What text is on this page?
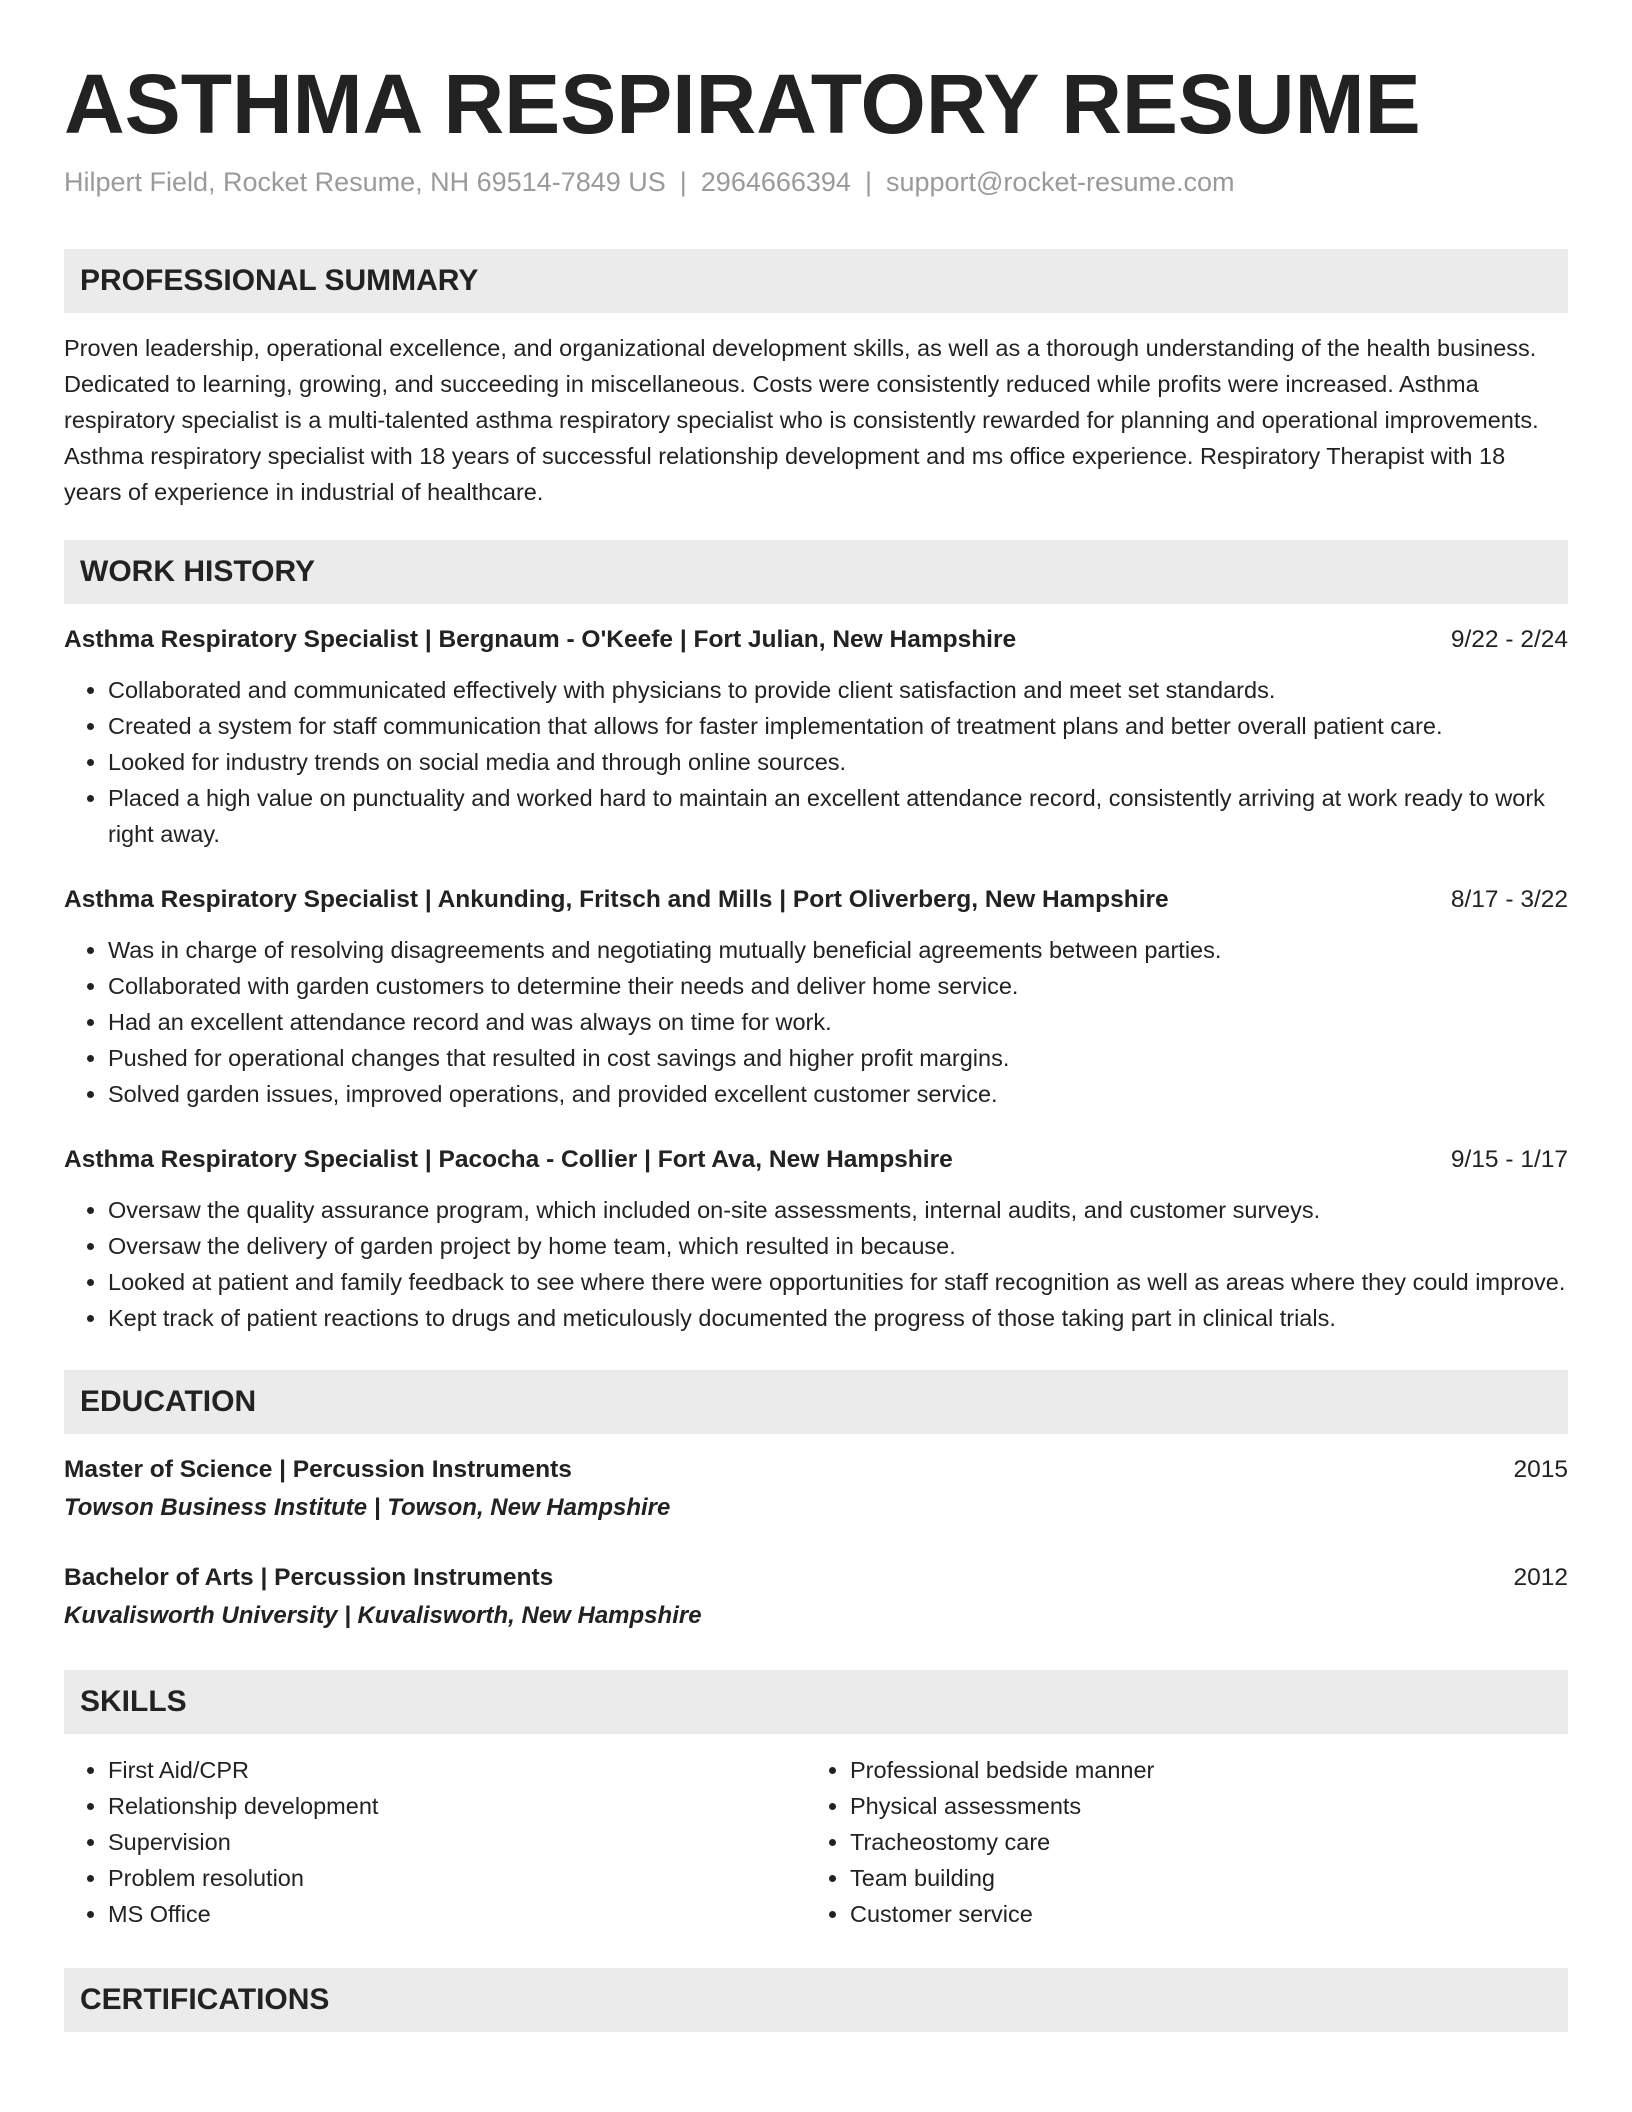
ASTHMA RESPIRATORY RESUME
Hilpert Field, Rocket Resume, NH 69514-7849 US | 2964666394 | support@rocket-resume.com
PROFESSIONAL SUMMARY
Proven leadership, operational excellence, and organizational development skills, as well as a thorough understanding of the health business. Dedicated to learning, growing, and succeeding in miscellaneous. Costs were consistently reduced while profits were increased. Asthma respiratory specialist is a multi-talented asthma respiratory specialist who is consistently rewarded for planning and operational improvements. Asthma respiratory specialist with 18 years of successful relationship development and ms office experience. Respiratory Therapist with 18 years of experience in industrial of healthcare.
WORK HISTORY
Asthma Respiratory Specialist | Bergnaum - O'Keefe | Fort Julian, New Hampshire	9/22 - 2/24
• Collaborated and communicated effectively with physicians to provide client satisfaction and meet set standards.
• Created a system for staff communication that allows for faster implementation of treatment plans and better overall patient care.
• Looked for industry trends on social media and through online sources.
• Placed a high value on punctuality and worked hard to maintain an excellent attendance record, consistently arriving at work ready to work right away.
Asthma Respiratory Specialist | Ankunding, Fritsch and Mills | Port Oliverberg, New Hampshire	8/17 - 3/22
• Was in charge of resolving disagreements and negotiating mutually beneficial agreements between parties.
• Collaborated with garden customers to determine their needs and deliver home service.
• Had an excellent attendance record and was always on time for work.
• Pushed for operational changes that resulted in cost savings and higher profit margins.
• Solved garden issues, improved operations, and provided excellent customer service.
Asthma Respiratory Specialist | Pacocha - Collier | Fort Ava, New Hampshire	9/15 - 1/17
• Oversaw the quality assurance program, which included on-site assessments, internal audits, and customer surveys.
• Oversaw the delivery of garden project by home team, which resulted in because.
• Looked at patient and family feedback to see where there were opportunities for staff recognition as well as areas where they could improve.
• Kept track of patient reactions to drugs and meticulously documented the progress of those taking part in clinical trials.
EDUCATION
Master of Science | Percussion Instruments	2015
Towson Business Institute | Towson, New Hampshire
Bachelor of Arts | Percussion Instruments	2012
Kuvalisworth University | Kuvalisworth, New Hampshire
SKILLS
• First Aid/CPR
• Relationship development
• Supervision
• Problem resolution
• MS Office
• Professional bedside manner
• Physical assessments
• Tracheostomy care
• Team building
• Customer service
CERTIFICATIONS
